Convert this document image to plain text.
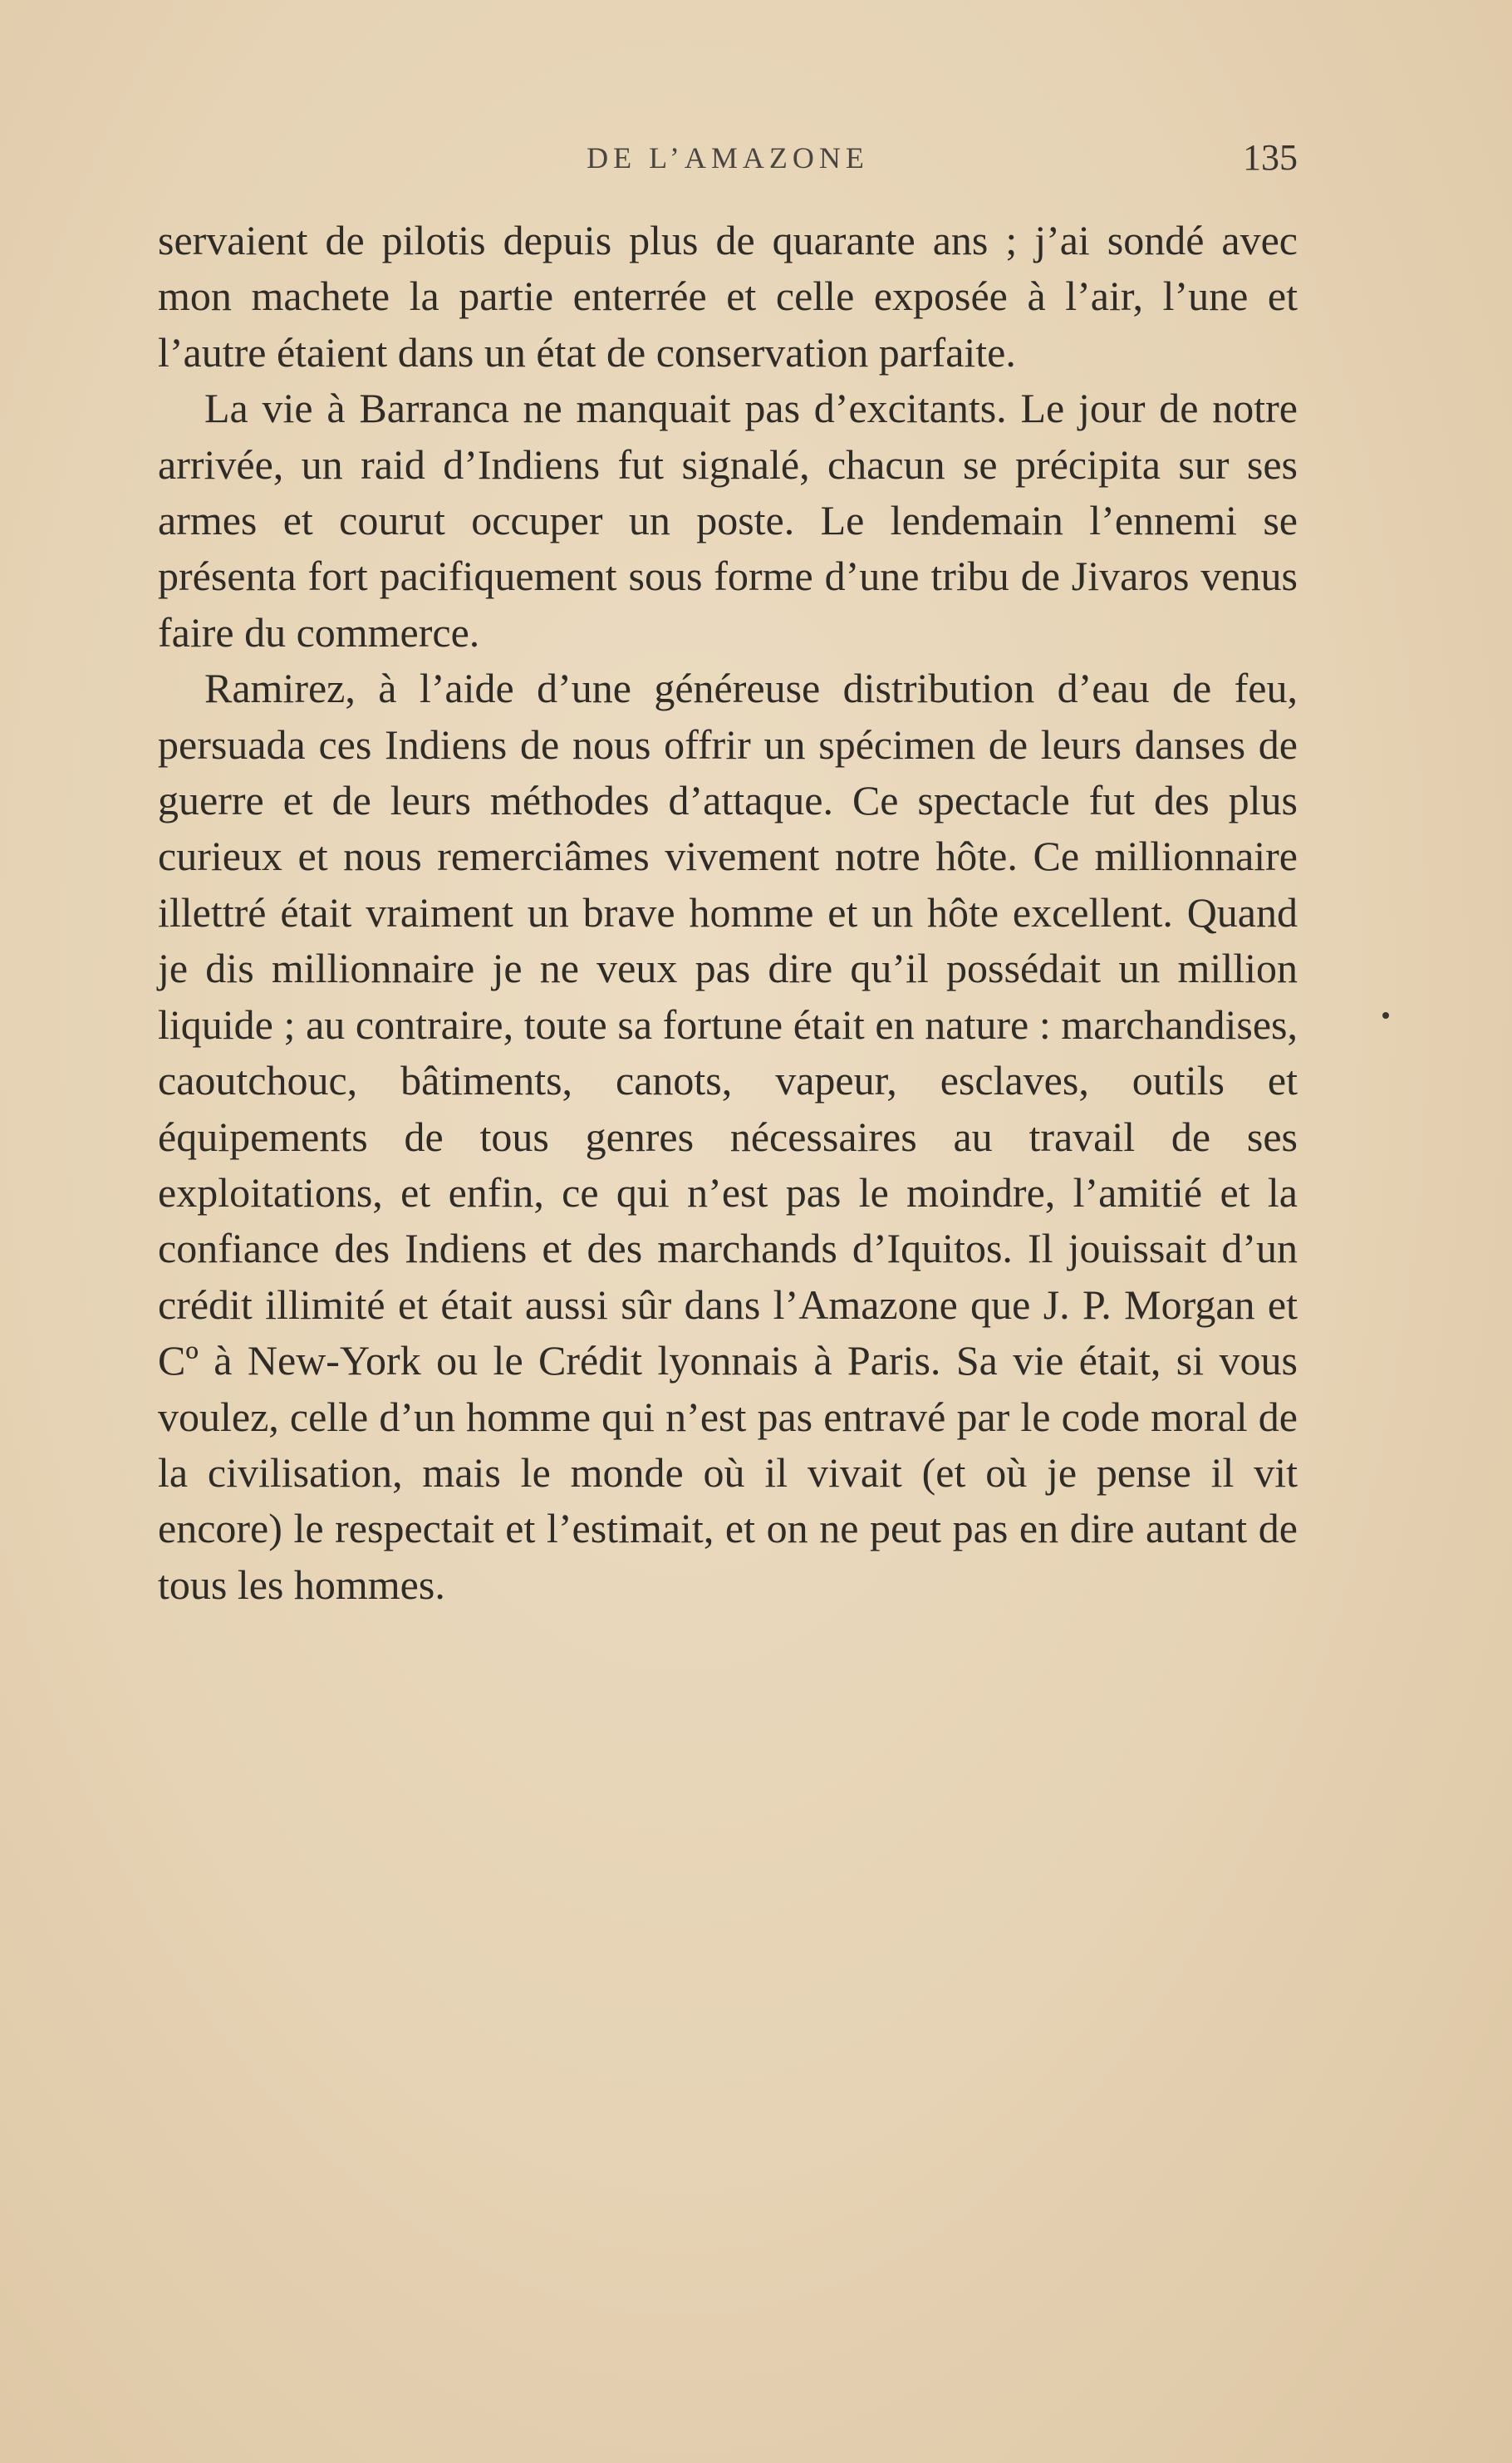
DE L’AMAZONE	135

servaient de pilotis depuis plus de quarante ans ; j’ai sondé avec mon machete la partie enterrée et celle exposée à l’air, l’une et l’autre étaient dans un état de conservation parfaite.

La vie à Barranca ne manquait pas d’excitants. Le jour de notre arrivée, un raid d’Indiens fut signalé, chacun se précipita sur ses armes et courut occuper un poste. Le lendemain l’ennemi se présenta fort pacifiquement sous forme d’une tribu de Jivaros venus faire du commerce.

Ramirez, à l’aide d’une généreuse distribution d’eau de feu, persuada ces Indiens de nous offrir un spécimen de leurs danses de guerre et de leurs méthodes d’attaque. Ce spectacle fut des plus curieux et nous remerciâmes vivement notre hôte. Ce millionnaire illettré était vraiment un brave homme et un hôte excellent. Quand je dis millionnaire je ne veux pas dire qu’il possédait un million liquide ; au contraire, toute sa fortune était en nature : marchandises, caoutchouc, bâtiments, canots, vapeur, esclaves, outils et équipements de tous genres nécessaires au travail de ses exploitations, et enfin, ce qui n’est pas le moindre, l’amitié et la confiance des Indiens et des marchands d’Iquitos. Il jouissait d’un crédit illimité et était aussi sûr dans l’Amazone que J. P. Morgan et Cº à New-York ou le Crédit lyonnais à Paris. Sa vie était, si vous voulez, celle d’un homme qui n’est pas entravé par le code moral de la civilisation, mais le monde où il vivait (et où je pense il vit encore) le respectait et l’estimait, et on ne peut pas en dire autant de tous les hommes.
